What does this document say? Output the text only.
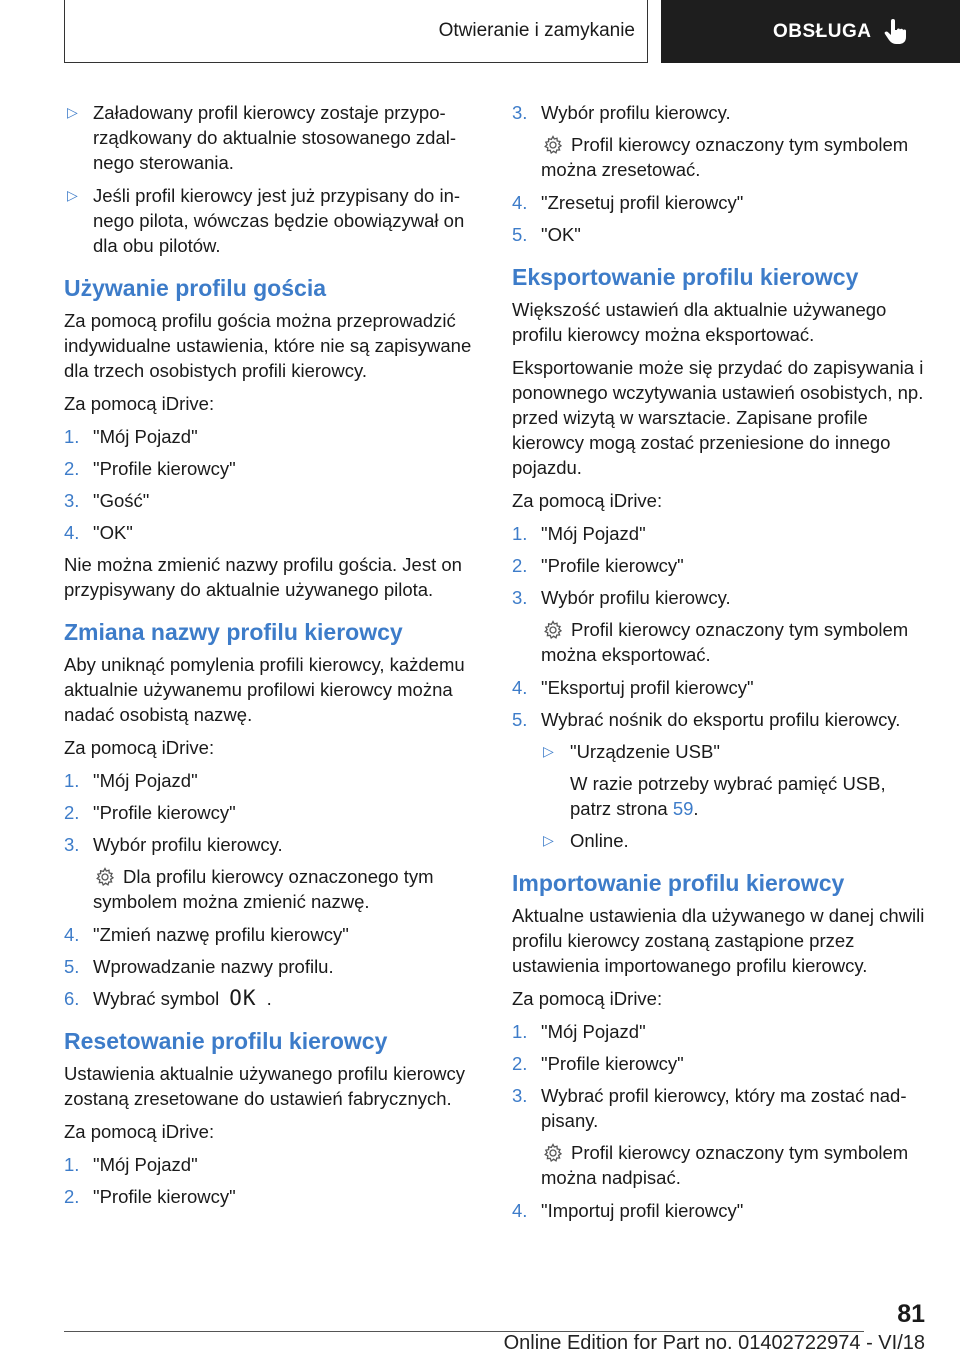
Otwieranie i zamykanie	OBSŁUGA
▷ Załadowany profil kierowcy zostaje przypo-rządkowany do aktualnie stosowanego zdal-nego sterowania.
▷ Jeśli profil kierowcy jest już przypisany do in-nego pilota, wówczas będzie obowiązywał on dla obu pilotów.
Używanie profilu gościa

Za pomocą profilu gościa można przeprowadzić indywidualne ustawienia, które nie są zapisywane dla trzech osobistych profili kierowcy.

Za pomocą iDrive:

1. "Mój Pojazd"
2. "Profile kierowcy"
3. "Gość"
4. "OK"

Nie można zmienić nazwy profilu gościa. Jest on przypisywany do aktualnie używanego pilota.

Zmiana nazwy profilu kierowcy

Aby uniknąć pomylenia profili kierowcy, każdemu aktualnie używanemu profilowi kierowcy można nadać osobistą nazwę.

Za pomocą iDrive:

1. "Mój Pojazd"
2. "Profile kierowcy"
3. Wybór profilu kierowcy.

Dla profilu kierowcy oznaczonego tym symbolem można zmienić nazwę.

4. "Zmień nazwę profilu kierowcy"
5. Wprowadzanie nazwy profilu.
6. Wybrać symbol OK .
Resetowanie profilu kierowcy

Ustawienia aktualnie używanego profilu kierowcy zostaną zresetowane do ustawień fabrycznych.

Za pomocą iDrive:

1. "Mój Pojazd"
2. "Profile kierowcy"
3. Wybór profilu kierowcy.

Profil kierowcy oznaczony tym symbolem można zresetować.

4. "Zresetuj profil kierowcy"
5. "OK"
Eksportowanie profilu kierowcy

Większość ustawień dla aktualnie używanego profilu kierowcy można eksportować.

Eksportowanie może się przydać do zapisywania i ponownego wczytywania ustawień osobistych, np. przed wizytą w warsztacie. Zapisane profile kierowcy mogą zostać przeniesione do innego pojazdu.

Za pomocą iDrive:

1. "Mój Pojazd"
2. "Profile kierowcy"
3. Wybór profilu kierowcy.

Profil kierowcy oznaczony tym symbolem można eksportować.

4. "Eksportuj profil kierowcy"
5. Wybrać nośnik do eksportu profilu kierowcy.
▷ "Urządzenie USB"
W razie potrzeby wybrać pamięć USB, patrz strona 59.
▷ Online.
Importowanie profilu kierowcy

Aktualne ustawienia dla używanego w danej chwili profilu kierowcy zostaną zastąpione przez ustawienia importowanego profilu kierowcy.

Za pomocą iDrive:

1. "Mój Pojazd"
2. "Profile kierowcy"
3. Wybrać profil kierowcy, który ma zostać nad-pisany.

Profil kierowcy oznaczony tym symbolem można nadpisać.

4. "Importuj profil kierowcy"
81
Online Edition for Part no. 01402722974 - VI/18
